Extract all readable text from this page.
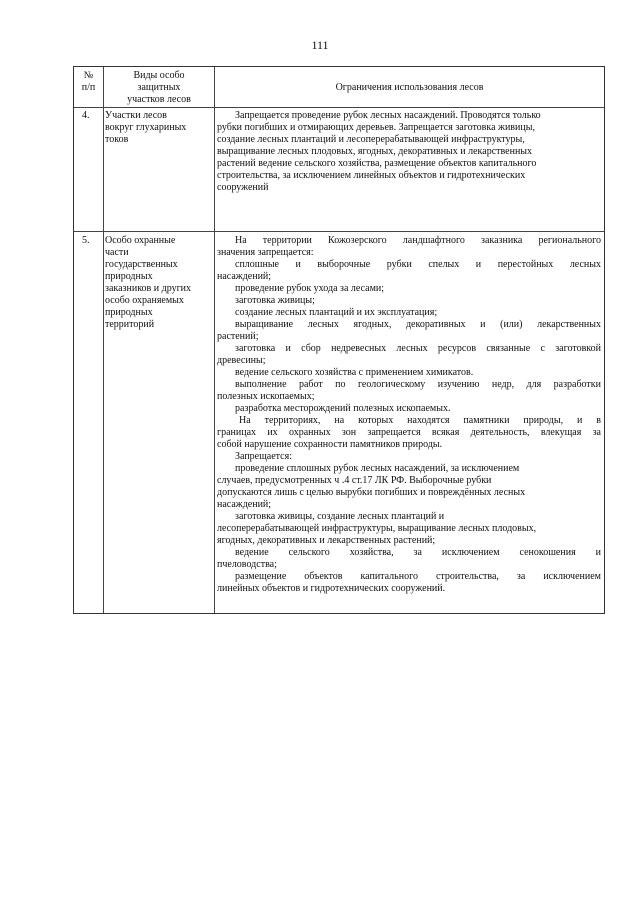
111
№
п/п
Виды особо
защитных
участков лесов
Ограничения использования лесов
4. Участки лесов
вокруг глухариных
токов
Запрещается проведение рубок лесных насаждений. Проводятся только
рубки погибших и отмирающих деревьев. Запрещается заготовка живицы,
создание лесных плантаций и лесоперерабатывающей инфраструктуры,
выращивание лесных плодовых, ягодных, декоративных и лекарственных
растений ведение сельского хозяйства, размещение объектов капитального
строительства, за исключением линейных объектов и гидротехнических
сооружений
5. Особо охранные
части
государственных
природных
заказников и других
особо охраняемых
природных
территорий
На территории Кожозерского ландшафтного заказника регионального
значения запрещается:
сплошные и выборочные рубки спелых и перестойных лесных
насаждений;
проведение рубок ухода за лесами;
заготовка живицы;
создание лесных плантаций и их эксплуатация;
выращивание лесных ягодных, декоративных и (или) лекарственных
растений;
заготовка и сбор недревесных лесных ресурсов связанные с заготовкой
древесины;
ведение сельского хозяйства с применением химикатов.
выполнение работ по геологическому изучению недр, для разработки
полезных ископаемых;
разработка месторождений полезных ископаемых.
На территориях, на которых находятся памятники природы, и в
границах их охранных зон запрещается всякая деятельность, влекущая за
собой нарушение сохранности памятников природы.
Запрещается:
проведение сплошных рубок лесных насаждений, за исключением
случаев, предусмотренных ч .4 ст.17 ЛК РФ. Выборочные рубки
допускаются лишь с целью вырубки погибших и повреждённых лесных
насаждений;
заготовка живицы, создание лесных плантаций и
лесоперерабатывающей инфраструктуры, выращивание лесных плодовых,
ягодных, декоративных и лекарственных растений;
ведение сельского хозяйства, за исключением сенокошения и
пчеловодства;
размещение объектов капитального строительства, за исключением
линейных объектов и гидротехнических сооружений.
